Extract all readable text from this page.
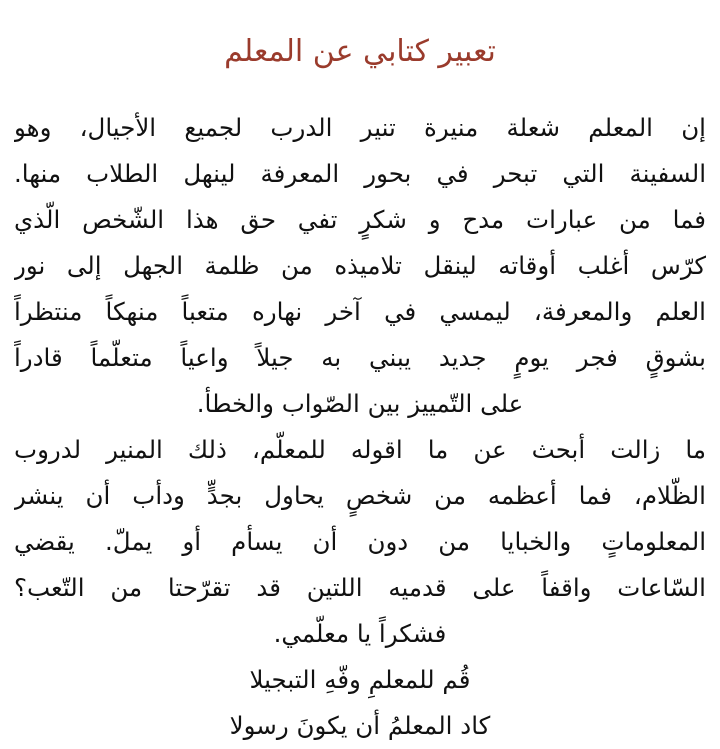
تعبير كتابي عن المعلم
إن المعلم شعلة منيرة تنير الدرب لجميع الأجيال، وهو
السفينة التي تبحر في بحور المعرفة لينهل الطلاب منها.
فما من عبارات مدح و شكرٍ تفي حق هذا الشّخص الّذي
كرّس أغلب أوقاته لينقل تلاميذه من ظلمة الجهل إلى نور
العلم والمعرفة، ليمسي في آخر نهاره متعباً منهكاً منتظراً
بشوقٍ فجر يومٍ جديد يبني به جيلاً واعياً متعلّماً قادراً
على التّمييز بين الصّواب والخطأ.
ما زالت أبحث عن ما اقوله للمعلّم، ذلك المنير لدروب
الظّلام، فما أعظمه من شخصٍ يحاول بجدٍّ ودأب أن ينشر
المعلوماتٍ والخبايا من دون أن يسأم أو يملّ. يقضي
السّاعات واقفاً على قدميه اللتين قد تقرّحتا من التّعب؟
فشكراً يا معلّمي.
قُم للمعلمِ وفّهِ التبجيلا
كاد المعلمُ أن يكونَ رسولا
